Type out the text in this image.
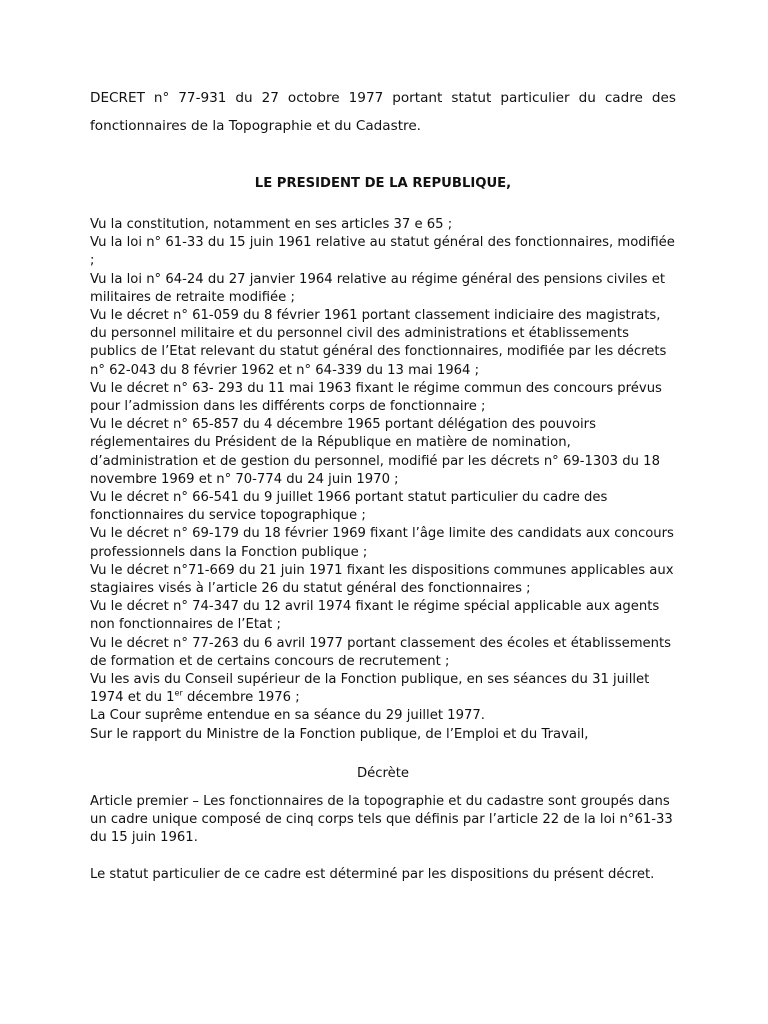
DECRET n° 77-931 du 27 octobre 1977 portant statut particulier du cadre des fonctionnaires de la Topographie et du Cadastre.

LE PRESIDENT DE LA REPUBLIQUE,

Vu la constitution, notamment en ses articles 37 e 65 ;
Vu la loi n° 61-33 du 15 juin 1961 relative au statut général des fonctionnaires, modifiée ;
Vu la loi n° 64-24 du 27 janvier 1964 relative au régime général des pensions civiles et militaires de retraite modifiée ;
Vu le décret n° 61-059 du 8 février 1961 portant classement indiciaire des magistrats, du personnel militaire et du personnel civil des administrations et établissements publics de l’Etat relevant du statut général des fonctionnaires, modifiée par les décrets n° 62-043 du 8 février 1962 et n° 64-339 du 13 mai 1964 ;
Vu le décret n° 63- 293 du 11 mai 1963 fixant le régime commun des concours prévus pour l’admission dans les différents corps de fonctionnaire ;
Vu le décret n° 65-857 du 4 décembre 1965 portant délégation des pouvoirs réglementaires du Président de la République en matière de nomination, d’administration et de gestion du personnel, modifié par les décrets n° 69-1303 du 18 novembre 1969 et n° 70-774 du 24 juin 1970 ;
Vu le décret n° 66-541 du 9 juillet 1966 portant statut particulier du cadre des fonctionnaires du service topographique ;
Vu le décret n° 69-179 du 18 février 1969 fixant l’âge limite des candidats aux concours professionnels dans la Fonction publique ;
Vu le décret n°71-669 du 21 juin 1971 fixant les dispositions communes applicables aux stagiaires visés à l’article 26 du statut général des fonctionnaires ;
Vu le décret n° 74-347 du 12 avril 1974 fixant le régime spécial applicable aux agents non fonctionnaires de l’Etat ;
Vu le décret n° 77-263 du 6 avril 1977 portant classement des écoles et établissements de formation et de certains concours de recrutement ;
Vu les avis du Conseil supérieur de la Fonction publique, en ses séances du 31 juillet 1974 et du 1er décembre 1976 ;
La Cour suprême entendue en sa séance du 29 juillet 1977.
Sur le rapport du Ministre de la Fonction publique, de l’Emploi et du Travail,

Décrète

Article premier – Les fonctionnaires de la topographie et du cadastre sont groupés dans un cadre unique composé de cinq corps tels que définis par l’article 22 de la loi n°61-33 du 15 juin 1961.

Le statut particulier de ce cadre est déterminé par les dispositions du présent décret.
